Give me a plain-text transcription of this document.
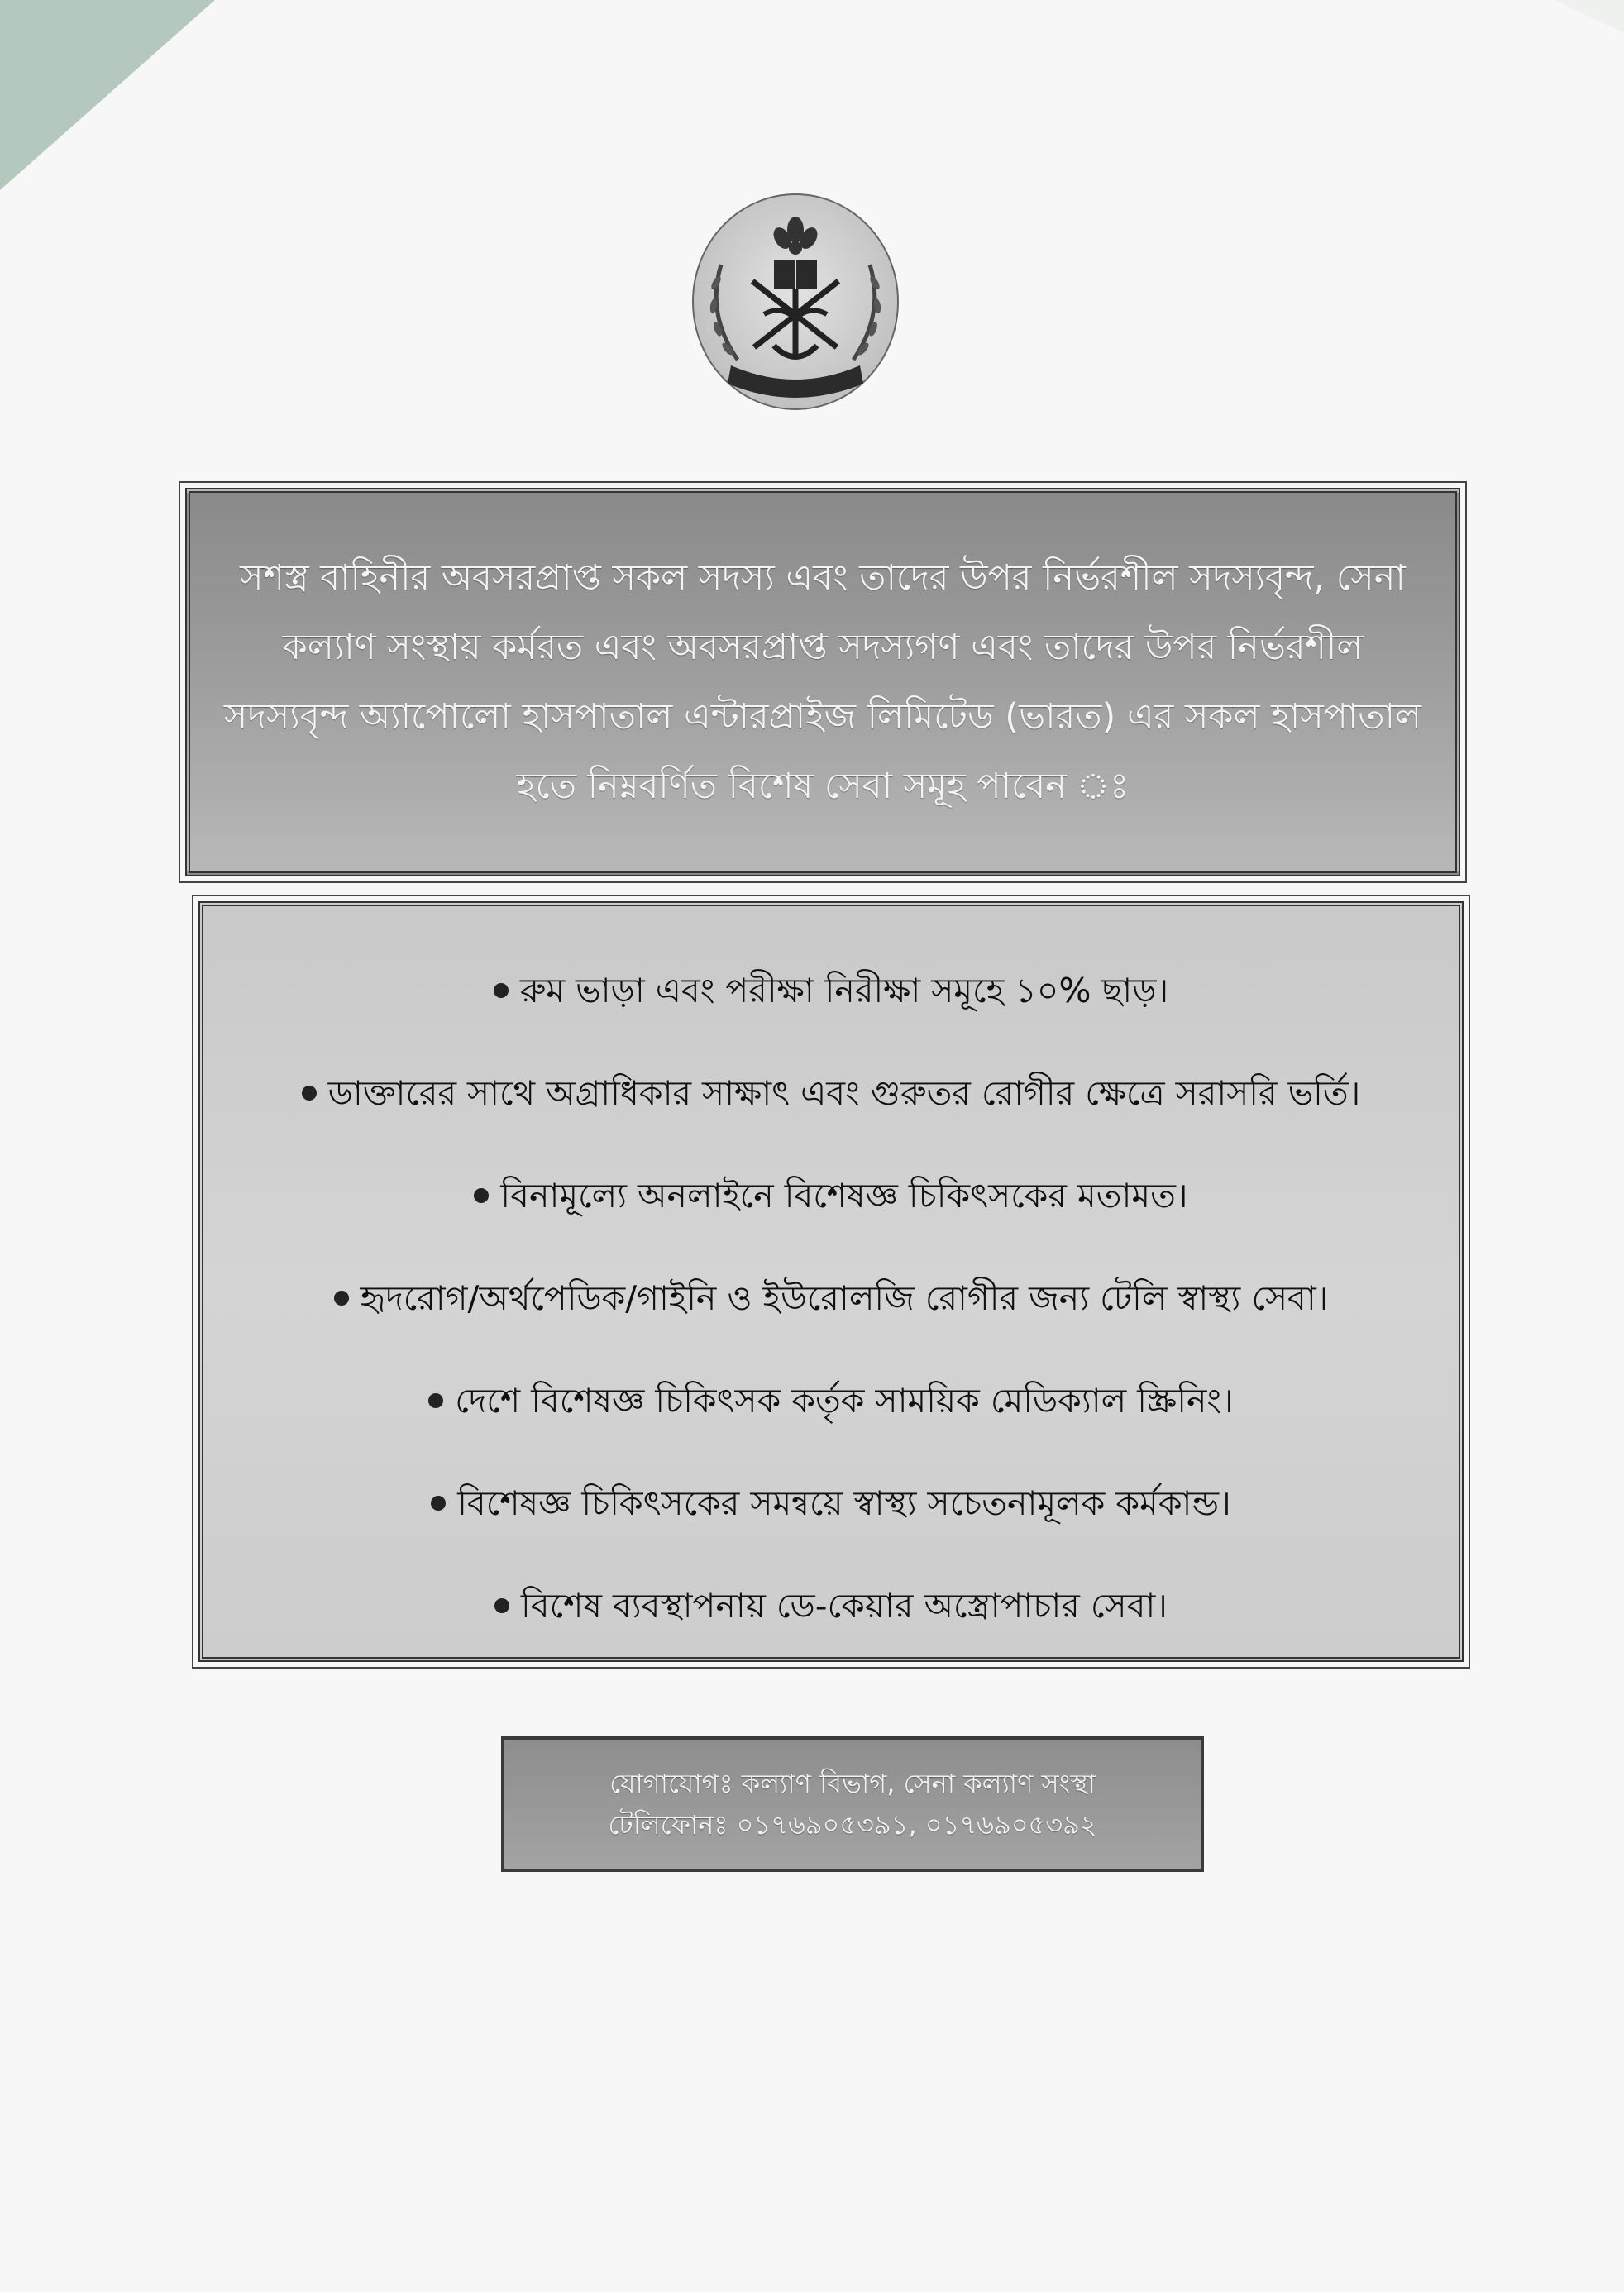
সশস্ত্র বাহিনীর অবসরপ্রাপ্ত সকল সদস্য এবং তাদের উপর নির্ভরশীল সদস্যবৃন্দ, সেনা কল্যাণ সংস্থায় কর্মরত এবং অবসরপ্রাপ্ত সদস্যগণ এবং তাদের উপর নির্ভরশীল সদস্যবৃন্দ অ্যাপোলো হাসপাতাল এন্টারপ্রাইজ লিমিটেড (ভারত) এর সকল হাসপাতাল হতে নিম্নবর্ণিত বিশেষ সেবা সমূহ পাবেন ঃ

রুম ভাড়া এবং পরীক্ষা নিরীক্ষা সমূহে ১০% ছাড়।
ডাক্তারের সাথে অগ্রাধিকার সাক্ষাৎ এবং গুরুতর রোগীর ক্ষেত্রে সরাসরি ভর্তি।
বিনামূল্যে অনলাইনে বিশেষজ্ঞ চিকিৎসকের মতামত।
হৃদরোগ/অর্থপেডিক/গাইনি ও ইউরোলজি রোগীর জন্য টেলি স্বাস্থ্য সেবা।
দেশে বিশেষজ্ঞ চিকিৎসক কর্তৃক সাময়িক মেডিক্যাল স্ক্রিনিং।
বিশেষজ্ঞ চিকিৎসকের সমন্বয়ে স্বাস্থ্য সচেতনামূলক কর্মকান্ড।
বিশেষ ব্যবস্থাপনায় ডে-কেয়ার অস্ত্রোপাচার সেবা।
যোগাযোগঃ কল্যাণ বিভাগ, সেনা কল্যাণ সংস্থা
টেলিফোনঃ ০১৭৬৯০৫৩৯১, ০১৭৬৯০৫৩৯২
